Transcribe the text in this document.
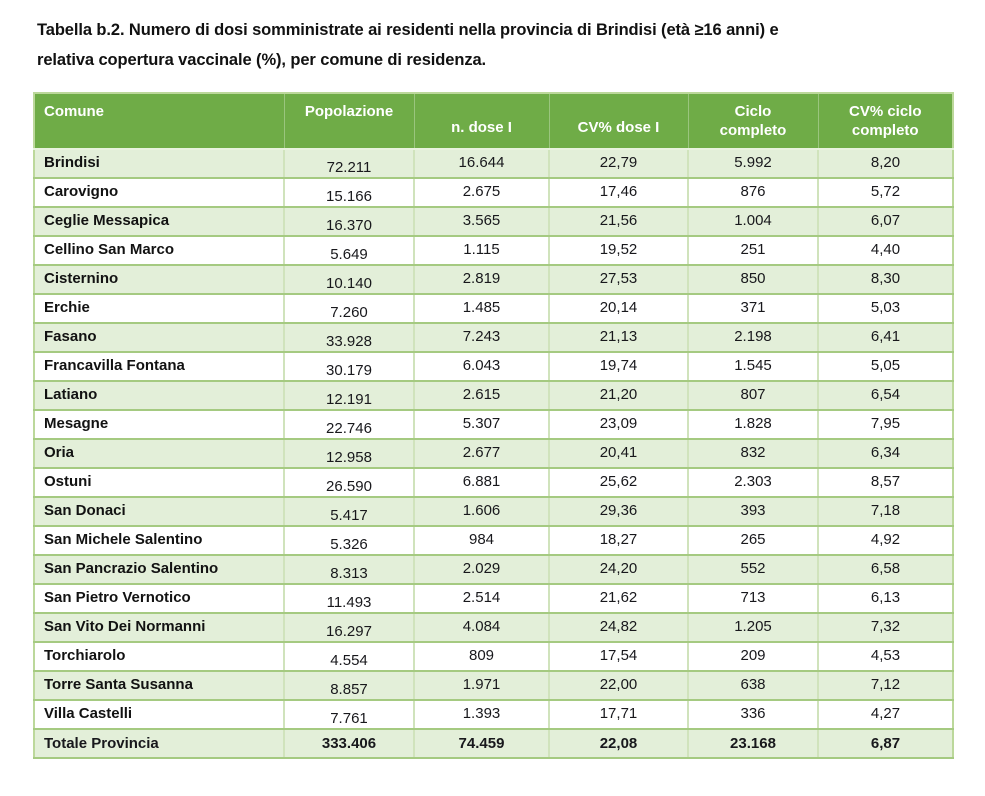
Tabella b.2. Numero di dosi somministrate ai residenti nella provincia di Brindisi (età ≥16 anni) e
relativa copertura vaccinale (%), per comune di residenza.
Comune	Popolazione	n. dose I	CV% dose I	Ciclo completo	CV% ciclo completo
Brindisi	72.211	16.644	22,79	5.992	8,20
Carovigno	15.166	2.675	17,46	876	5,72
Ceglie Messapica	16.370	3.565	21,56	1.004	6,07
Cellino San Marco	5.649	1.115	19,52	251	4,40
Cisternino	10.140	2.819	27,53	850	8,30
Erchie	7.260	1.485	20,14	371	5,03
Fasano	33.928	7.243	21,13	2.198	6,41
Francavilla Fontana	30.179	6.043	19,74	1.545	5,05
Latiano	12.191	2.615	21,20	807	6,54
Mesagne	22.746	5.307	23,09	1.828	7,95
Oria	12.958	2.677	20,41	832	6,34
Ostuni	26.590	6.881	25,62	2.303	8,57
San Donaci	5.417	1.606	29,36	393	7,18
San Michele Salentino	5.326	984	18,27	265	4,92
San Pancrazio Salentino	8.313	2.029	24,20	552	6,58
San Pietro Vernotico	11.493	2.514	21,62	713	6,13
San Vito Dei Normanni	16.297	4.084	24,82	1.205	7,32
Torchiarolo	4.554	809	17,54	209	4,53
Torre Santa Susanna	8.857	1.971	22,00	638	7,12
Villa Castelli	7.761	1.393	17,71	336	4,27
Totale Provincia	333.406	74.459	22,08	23.168	6,87
